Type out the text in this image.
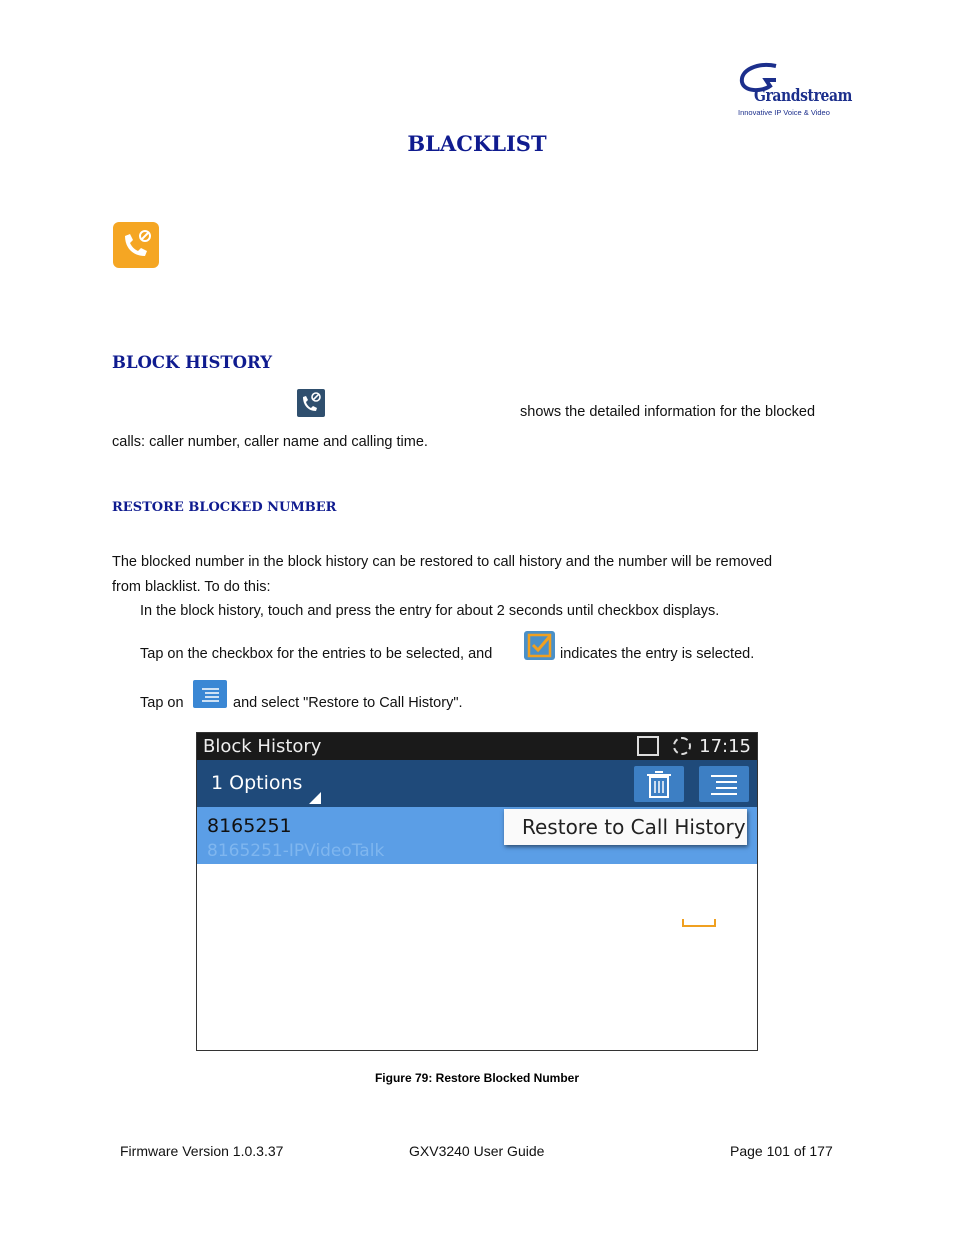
Grandstream
Innovative IP Voice & Video
BLACKLIST
BLOCK HISTORY
shows the detailed information for the blocked
calls: caller number, caller name and calling time.
RESTORE BLOCKED NUMBER
The blocked number in the block history can be restored to call history and the number will be removed
from blacklist. To do this:
In the block history, touch and press the entry for about 2 seconds until checkbox displays.
Tap on the checkbox for the entries to be selected, and	indicates the entry is selected.
Tap on	and select "Restore to Call History".
Block History	17:15
1 Options
8165251
8165251-IPVideoTalk
Restore to Call History
Figure 79: Restore Blocked Number
Firmware Version 1.0.3.37	GXV3240 User Guide	Page 101 of 177
